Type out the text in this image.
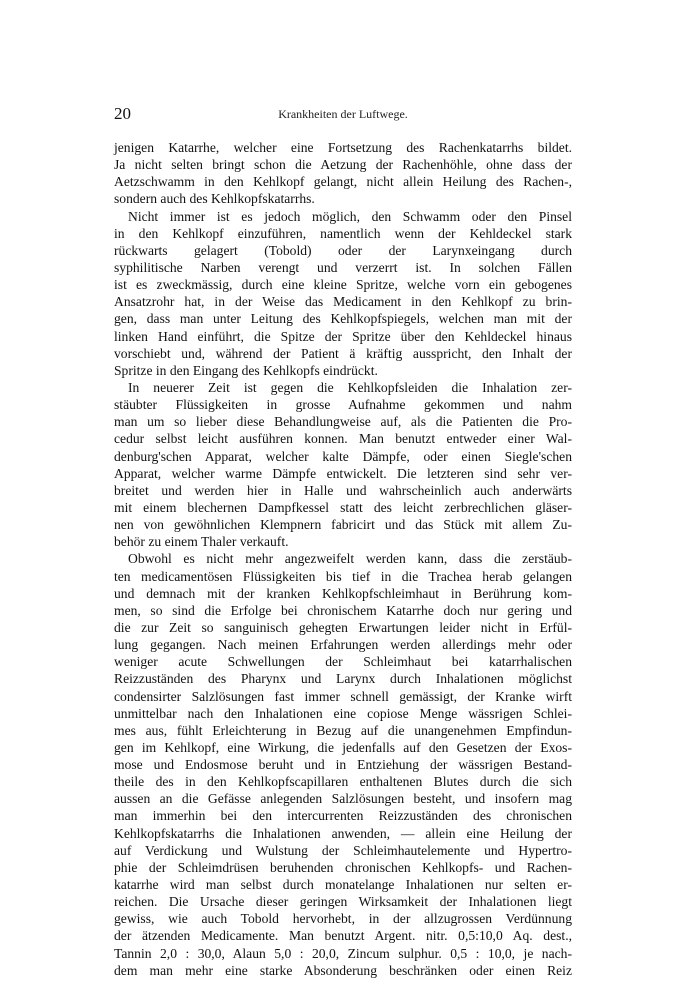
20	Krankheiten der Luftwege.
jenigen Katarrhe, welcher eine Fortsetzung des Rachenkatarrhs bildet.
Ja nicht selten bringt schon die Aetzung der Rachenhöhle, ohne dass der
Aetzschwamm in den Kehlkopf gelangt, nicht allein Heilung des Rachen-,
sondern auch des Kehlkopfskatarrhs.
Nicht immer ist es jedoch möglich, den Schwamm oder den Pinsel
in den Kehlkopf einzuführen, namentlich wenn der Kehldeckel stark
rückwarts gelagert (Tobold) oder der Larynxeingang durch
syphilitische Narben verengt und verzerrt ist. In solchen Fällen
ist es zweckmässig, durch eine kleine Spritze, welche vorn ein gebogenes
Ansatzrohr hat, in der Weise das Medicament in den Kehlkopf zu brin-
gen, dass man unter Leitung des Kehlkopfspiegels, welchen man mit der
linken Hand einführt, die Spitze der Spritze über den Kehldeckel hinaus
vorschiebt und, während der Patient ä kräftig ausspricht, den Inhalt der
Spritze in den Eingang des Kehlkopfs eindrückt.
In neuerer Zeit ist gegen die Kehlkopfsleiden die Inhalation zer-
stäubter Flüssigkeiten in grosse Aufnahme gekommen und nahm
man um so lieber diese Behandlungweise auf, als die Patienten die Pro-
cedur selbst leicht ausführen konnen. Man benutzt entweder einer Wal-
denburg'schen Apparat, welcher kalte Dämpfe, oder einen Siegle'schen
Apparat, welcher warme Dämpfe entwickelt. Die letzteren sind sehr ver-
breitet und werden hier in Halle und wahrscheinlich auch anderwärts
mit einem blechernen Dampfkessel statt des leicht zerbrechlichen gläser-
nen von gewöhnlichen Klempnern fabricirt und das Stück mit allem Zu-
behör zu einem Thaler verkauft.
Obwohl es nicht mehr angezweifelt werden kann, dass die zerstäub-
ten medicamentösen Flüssigkeiten bis tief in die Trachea herab gelangen
und demnach mit der kranken Kehlkopfschleimhaut in Berührung kom-
men, so sind die Erfolge bei chronischem Katarrhe doch nur gering und
die zur Zeit so sanguinisch gehegten Erwartungen leider nicht in Erfül-
lung gegangen. Nach meinen Erfahrungen werden allerdings mehr oder
weniger acute Schwellungen der Schleimhaut bei katarrhalischen
Reizzuständen des Pharynx und Larynx durch Inhalationen möglichst
condensirter Salzlösungen fast immer schnell gemässigt, der Kranke wirft
unmittelbar nach den Inhalationen eine copiose Menge wässrigen Schlei-
mes aus, fühlt Erleichterung in Bezug auf die unangenehmen Empfindun-
gen im Kehlkopf, eine Wirkung, die jedenfalls auf den Gesetzen der Exos-
mose und Endosmose beruht und in Entziehung der wässrigen Bestand-
theile des in den Kehlkopfscapillaren enthaltenen Blutes durch die sich
aussen an die Gefässe anlegenden Salzlösungen besteht, und insofern mag
man immerhin bei den intercurrenten Reizzuständen des chronischen
Kehlkopfskatarrhs die Inhalationen anwenden, — allein eine Heilung der
auf Verdickung und Wulstung der Schleimhautelemente und Hypertro-
phie der Schleimdrüsen beruhenden chronischen Kehlkopfs- und Rachen-
katarrhe wird man selbst durch monatelange Inhalationen nur selten er-
reichen. Die Ursache dieser geringen Wirksamkeit der Inhalationen liegt
gewiss, wie auch Tobold hervorhebt, in der allzugrossen Verdünnung
der ätzenden Medicamente. Man benutzt Argent. nitr. 0,5:10,0 Aq. dest.,
Tannin 2,0 : 30,0, Alaun 5,0 : 20,0, Zincum sulphur. 0,5 : 10,0, je nach-
dem man mehr eine starke Absonderung beschränken oder einen Reiz
